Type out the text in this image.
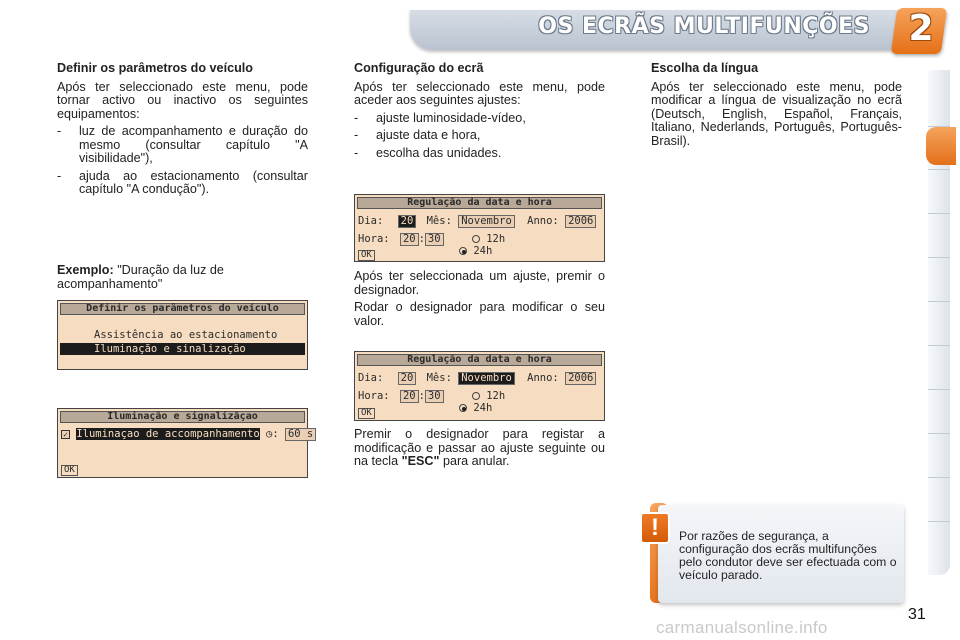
OS ECRÃS MULTIFUNÇÕES 2
Definir os parâmetros do veículo

Após ter seleccionado este menu, pode tornar activo ou inactivo os seguintes equipamentos:

- luz de acompanhamento e duração do mesmo (consultar capítulo "A visibilidade"),
- ajuda ao estacionamento (consultar capítulo "A condução").
Exemplo: "Duração da luz de acompanhamento"
Definir os parâmetros do veículo
Assistência ao estacionamento
Iluminação e sinalização
Iluminação e signalizãçao
✓ Iluminaçao de accompanhamento ◷: 60 s
OK
Configuração do ecrã

Após ter seleccionado este menu, pode aceder aos seguintes ajustes:

- ajuste luminosidade-vídeo,
- ajuste data e hora,
- escolha das unidades.
Regulação da data e hora
Dia: 20 Mês: Novembro Anno: 2006
Hora: 20 : 30	12h
24h
OK

Após ter seleccionada um ajuste, premir o designador.

Rodar o designador para modificar o seu valor.

Regulação da data e hora
Dia: 20 Mês: Novembro Anno: 2006
Hora: 20 : 30	12h
24h
OK

Premir o designador para registar a modificação e passar ao ajuste seguinte ou na tecla "ESC" para anular.

Escolha da língua

Após ter seleccionado este menu, pode modificar a língua de visualização no ecrã (Deutsch, English, Español, Français, Italiano, Nederlands, Português, Português-Brasil).

!	Por razões de segurança, a configuração dos ecrãs multifunções pelo condutor deve ser efectuada com o veículo parado.
31
carmanualsonline.info
